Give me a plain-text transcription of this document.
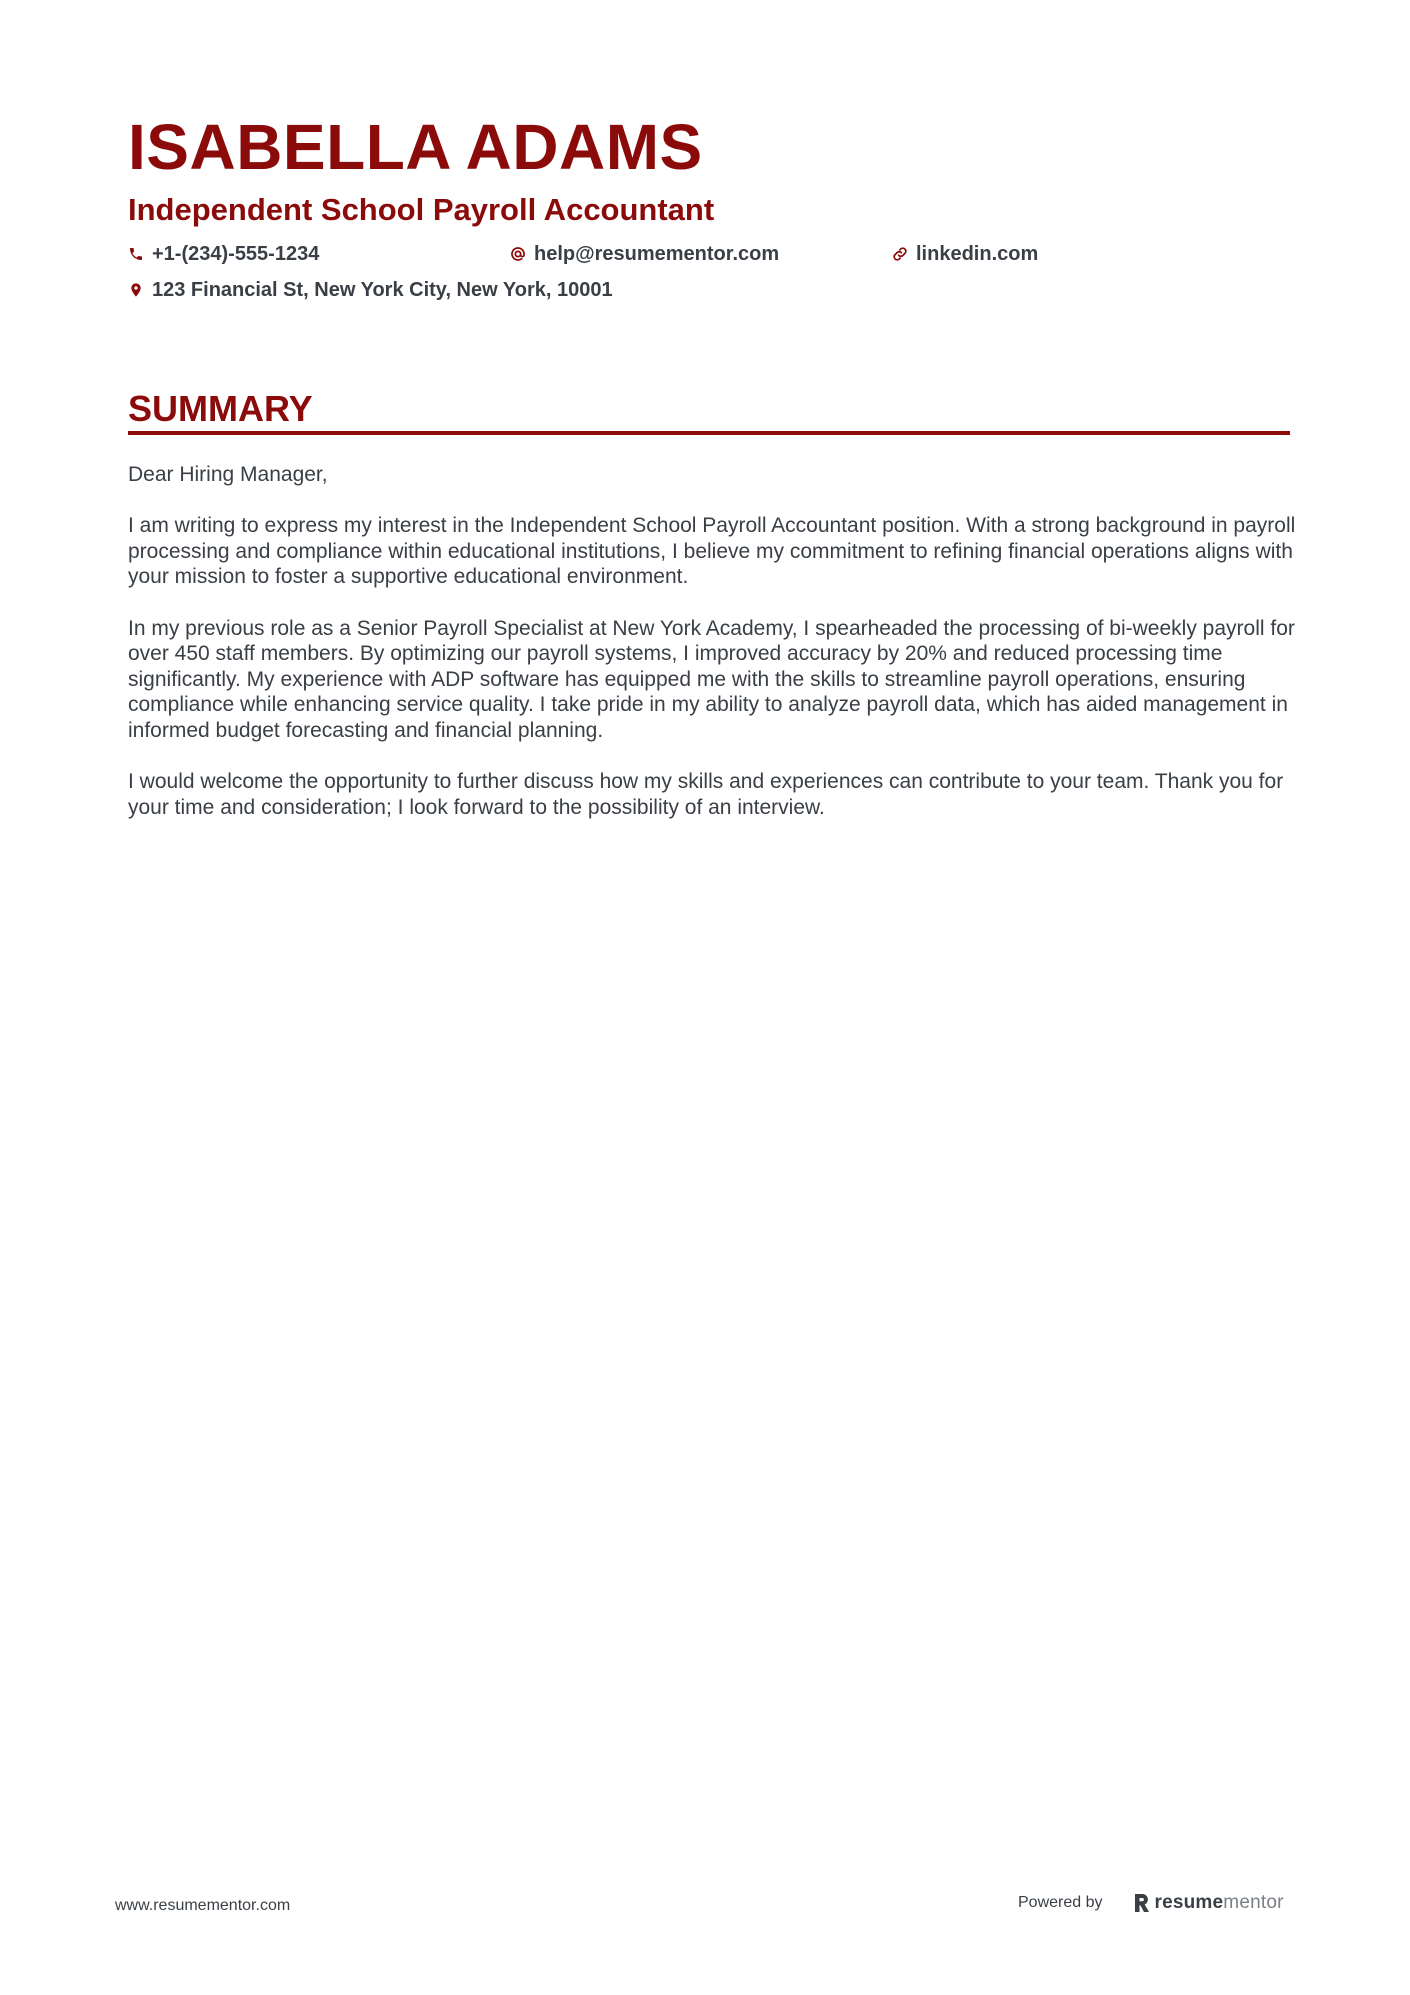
ISABELLA ADAMS
Independent School Payroll Accountant
+1-(234)-555-1234	help@resumementor.com	linkedin.com
123 Financial St, New York City, New York, 10001
SUMMARY

Dear Hiring Manager,

I am writing to express my interest in the Independent School Payroll Accountant position. With a strong background in payroll processing and compliance within educational institutions, I believe my commitment to refining financial operations aligns with your mission to foster a supportive educational environment.

In my previous role as a Senior Payroll Specialist at New York Academy, I spearheaded the processing of bi-weekly payroll for over 450 staff members. By optimizing our payroll systems, I improved accuracy by 20% and reduced processing time significantly. My experience with ADP software has equipped me with the skills to streamline payroll operations, ensuring compliance while enhancing service quality. I take pride in my ability to analyze payroll data, which has aided management in informed budget forecasting and financial planning.

I would welcome the opportunity to further discuss how my skills and experiences can contribute to your team. Thank you for your time and consideration; I look forward to the possibility of an interview.

www.resumementor.com	Powered by	resumementor
